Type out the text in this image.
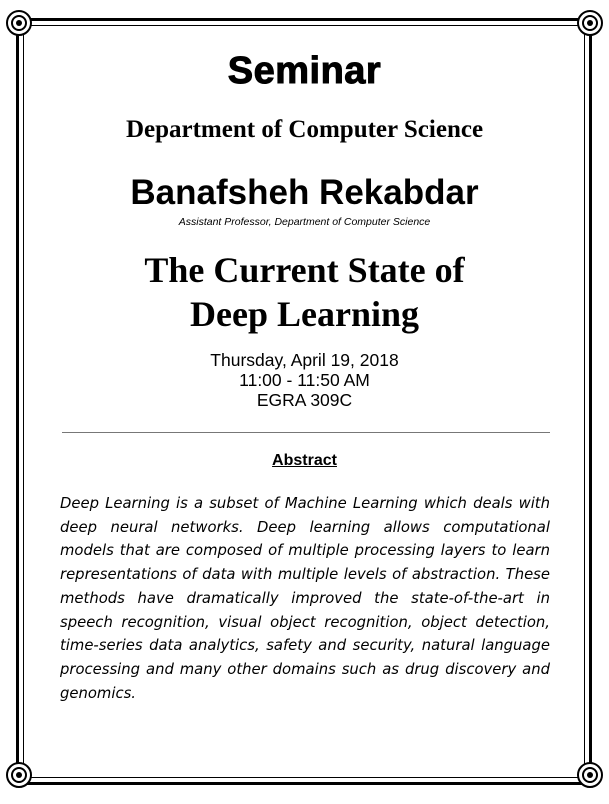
Seminar
Department of Computer Science
Banafsheh Rekabdar
Assistant Professor, Department of Computer Science
The Current State of
Deep Learning
Thursday, April 19, 2018
11:00 - 11:50 AM
EGRA 309C
Abstract
Deep Learning is a subset of Machine Learning which deals with deep neural networks. Deep learning allows computational models that are composed of multiple processing layers to learn representations of data with multiple levels of abstraction. These methods have dramatically improved the state-of-the-art in speech recognition, visual object recognition, object detection, time-series data analytics, safety and security, natural language processing and many other domains such as drug discovery and genomics.
